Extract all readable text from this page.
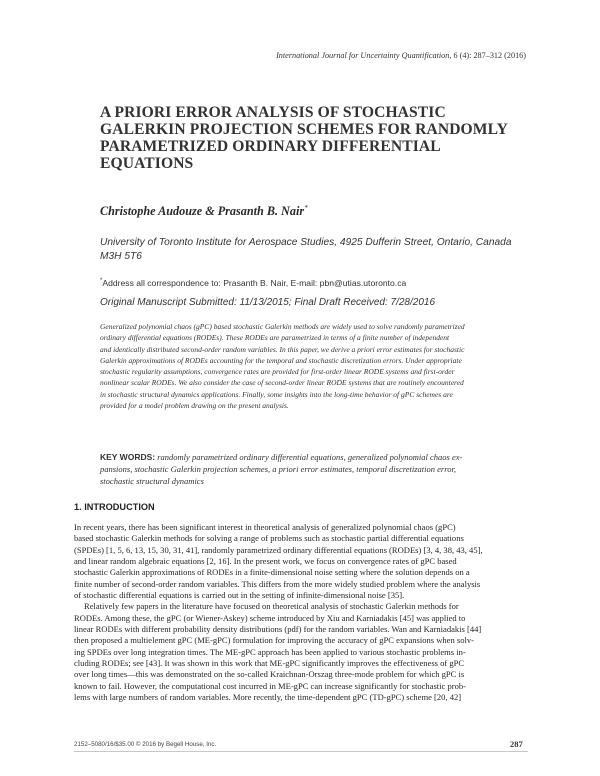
International Journal for Uncertainty Quantification, 6 (4): 287–312 (2016)
A PRIORI ERROR ANALYSIS OF STOCHASTIC
GALERKIN PROJECTION SCHEMES FOR RANDOMLY
PARAMETRIZED ORDINARY DIFFERENTIAL
EQUATIONS
Christophe Audouze & Prasanth B. Nair*
University of Toronto Institute for Aerospace Studies, 4925 Dufferin Street, Ontario, Canada
M3H 5T6
*Address all correspondence to: Prasanth B. Nair, E-mail: pbn@utias.utoronto.ca
Original Manuscript Submitted: 11/13/2015; Final Draft Received: 7/28/2016
Generalized polynomial chaos (gPC) based stochastic Galerkin methods are widely used to solve randomly parametrized
ordinary differential equations (RODEs). These RODEs are parametrized in terms of a finite number of independent
and identically distributed second-order random variables. In this paper, we derive a priori error estimates for stochastic
Galerkin approximations of RODEs accounting for the temporal and stochastic discretization errors. Under appropriate
stochastic regularity assumptions, convergence rates are provided for first-order linear RODE systems and first-order
nonlinear scalar RODEs. We also consider the case of second-order linear RODE systems that are routinely encountered
in stochastic structural dynamics applications. Finally, some insights into the long-time behavior of gPC schemes are
provided for a model problem drawing on the present analysis.
KEY WORDS: randomly parametrized ordinary differential equations, generalized polynomial chaos ex-
pansions, stochastic Galerkin projection schemes, a priori error estimates, temporal discretization error,
stochastic structural dynamics
1. INTRODUCTION
In recent years, there has been significant interest in theoretical analysis of generalized polynomial chaos (gPC)
based stochastic Galerkin methods for solving a range of problems such as stochastic partial differential equations
(SPDEs) [1, 5, 6, 13, 15, 30, 31, 41], randomly parametrized ordinary differential equations (RODEs) [3, 4, 38, 43, 45],
and linear random algebraic equations [2, 16]. In the present work, we focus on convergence rates of gPC based
stochastic Galerkin approximations of RODEs in a finite-dimensional noise setting where the solution depends on a
finite number of second-order random variables. This differs from the more widely studied problem where the analysis
of stochastic differential equations is carried out in the setting of infinite-dimensional noise [35].
Relatively few papers in the literature have focused on theoretical analysis of stochastic Galerkin methods for
RODEs. Among these, the gPC (or Wiener-Askey) scheme introduced by Xiu and Karniadakis [45] was applied to
linear RODEs with different probability density distributions (pdf) for the random variables. Wan and Karniadakis [44]
then proposed a multielement gPC (ME-gPC) formulation for improving the accuracy of gPC expansions when solv-
ing SPDEs over long integration times. The ME-gPC approach has been applied to various stochastic problems in-
cluding RODEs; see [43]. It was shown in this work that ME-gPC significantly improves the effectiveness of gPC
over long times—this was demonstrated on the so-called Kraichnan-Orszag three-mode problem for which gPC is
known to fail. However, the computational cost incurred in ME-gPC can increase significantly for stochastic prob-
lems with large numbers of random variables. More recently, the time-dependent gPC (TD-gPC) scheme [20, 42]
2152–5080/16/$35.00 © 2016 by Begell House, Inc.	287
